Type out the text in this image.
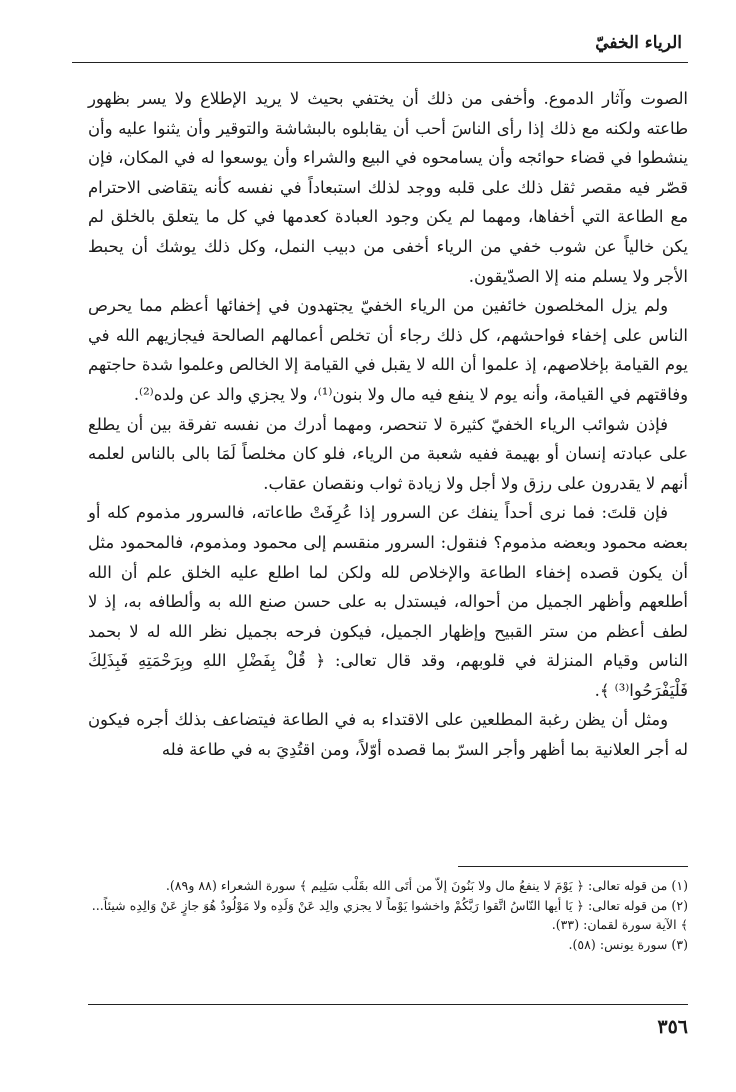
الرياء الخفيّ

الصوت وآثار الدموع. وأخفى من ذلك أن يختفي بحيث لا يريد الإطلاع ولا يسر بظهور طاعته ولكنه مع ذلك إذا رأى الناسَ أحب أن يقابلوه بالبشاشة والتوقير وأن يثنوا عليه وأن ينشطوا في قضاء حوائجه وأن يسامحوه في البيع والشراء وأن يوسعوا له في المكان، فإن قصّر فيه مقصر ثقل ذلك على قلبه ووجد لذلك استبعاداً في نفسه كأنه يتقاضى الاحترام مع الطاعة التي أخفاها، ومهما لم يكن وجود العبادة كعدمها في كل ما يتعلق بالخلق لم يكن خالياً عن شوب خفي من الرياء أخفى من دبيب النمل، وكل ذلك يوشك أن يحبط الأجر ولا يسلم منه إلا الصدّيقون.

ولم يزل المخلصون خائفين من الرياء الخفيّ يجتهدون في إخفائها أعظم مما يحرص الناس على إخفاء فواحشهم، كل ذلك رجاء أن تخلص أعمالهم الصالحة فيجازيهم الله في يوم القيامة بإخلاصهم، إذ علموا أن الله لا يقبل في القيامة إلا الخالص وعلموا شدة حاجتهم وفاقتهم في القيامة، وأنه يوم لا ينفع فيه مال ولا بنون⁽¹⁾، ولا يجزي والد عن ولده⁽²⁾.

فإذن شوائب الرياء الخفيّ كثيرة لا تنحصر، ومهما أدرك من نفسه تفرقة بين أن يطلع على عبادته إنسان أو بهيمة ففيه شعبة من الرياء، فلو كان مخلصاً لَمَا بالى بالناس لعلمه أنهم لا يقدرون على رزق ولا أجل ولا زيادة ثواب ونقصان عقاب.

فإن قلتَ: فما نرى أحداً ينفك عن السرور إذا عُرِفَتْ طاعاته، فالسرور مذموم كله أو بعضه محمود وبعضه مذموم؟ فنقول: السرور منقسم إلى محمود ومذموم، فالمحمود مثل أن يكون قصده إخفاء الطاعة والإخلاص لله ولكن لما اطلع عليه الخلق علم أن الله أطلعهم وأظهر الجميل من أحواله، فيستدل به على حسن صنع الله به وألطافه به، إذ لا لطف أعظم من ستر القبيح وإظهار الجميل، فيكون فرحه بجميل نظر الله له لا بحمد الناس وقيام المنزلة في قلوبهم، وقد قال تعالى: ﴿ قُلْ بِفَضْلِ اللهِ وبِرَحْمَتِهِ فَبِذَلِكَ فَلْيَفْرَحُوا⁽³⁾ ﴾.

ومثل أن يظن رغبة المطلعين على الاقتداء به في الطاعة فيتضاعف بذلك أجره فيكون له أجر العلانية بما أظهر وأجر السرّ بما قصده أوّلاً، ومن اقتُدِيَ به في طاعة فله

(١) من قوله تعالى: ﴿ يَوْمَ لا ينفعُ مال ولا بَنُونَ إلاّ من أتَى الله بقَلْب سَلِيم ﴾ سورة الشعراء (٨٨ و٨٩).

(٢) من قوله تعالى: ﴿ يَا أيها النّاسُ اتَّقوا رَبَّكُمْ واخشوا يَوْماً لا يجزي والِد عَنْ وَلَدِه ولا مَوْلُودٌ هُوَ جازٍ عَنْ وَالِدِه شيئاً... ﴾ الآية سورة لقمان: (٣٣).

(٣) سورة يونس: (٥٨).

٣٥٦
